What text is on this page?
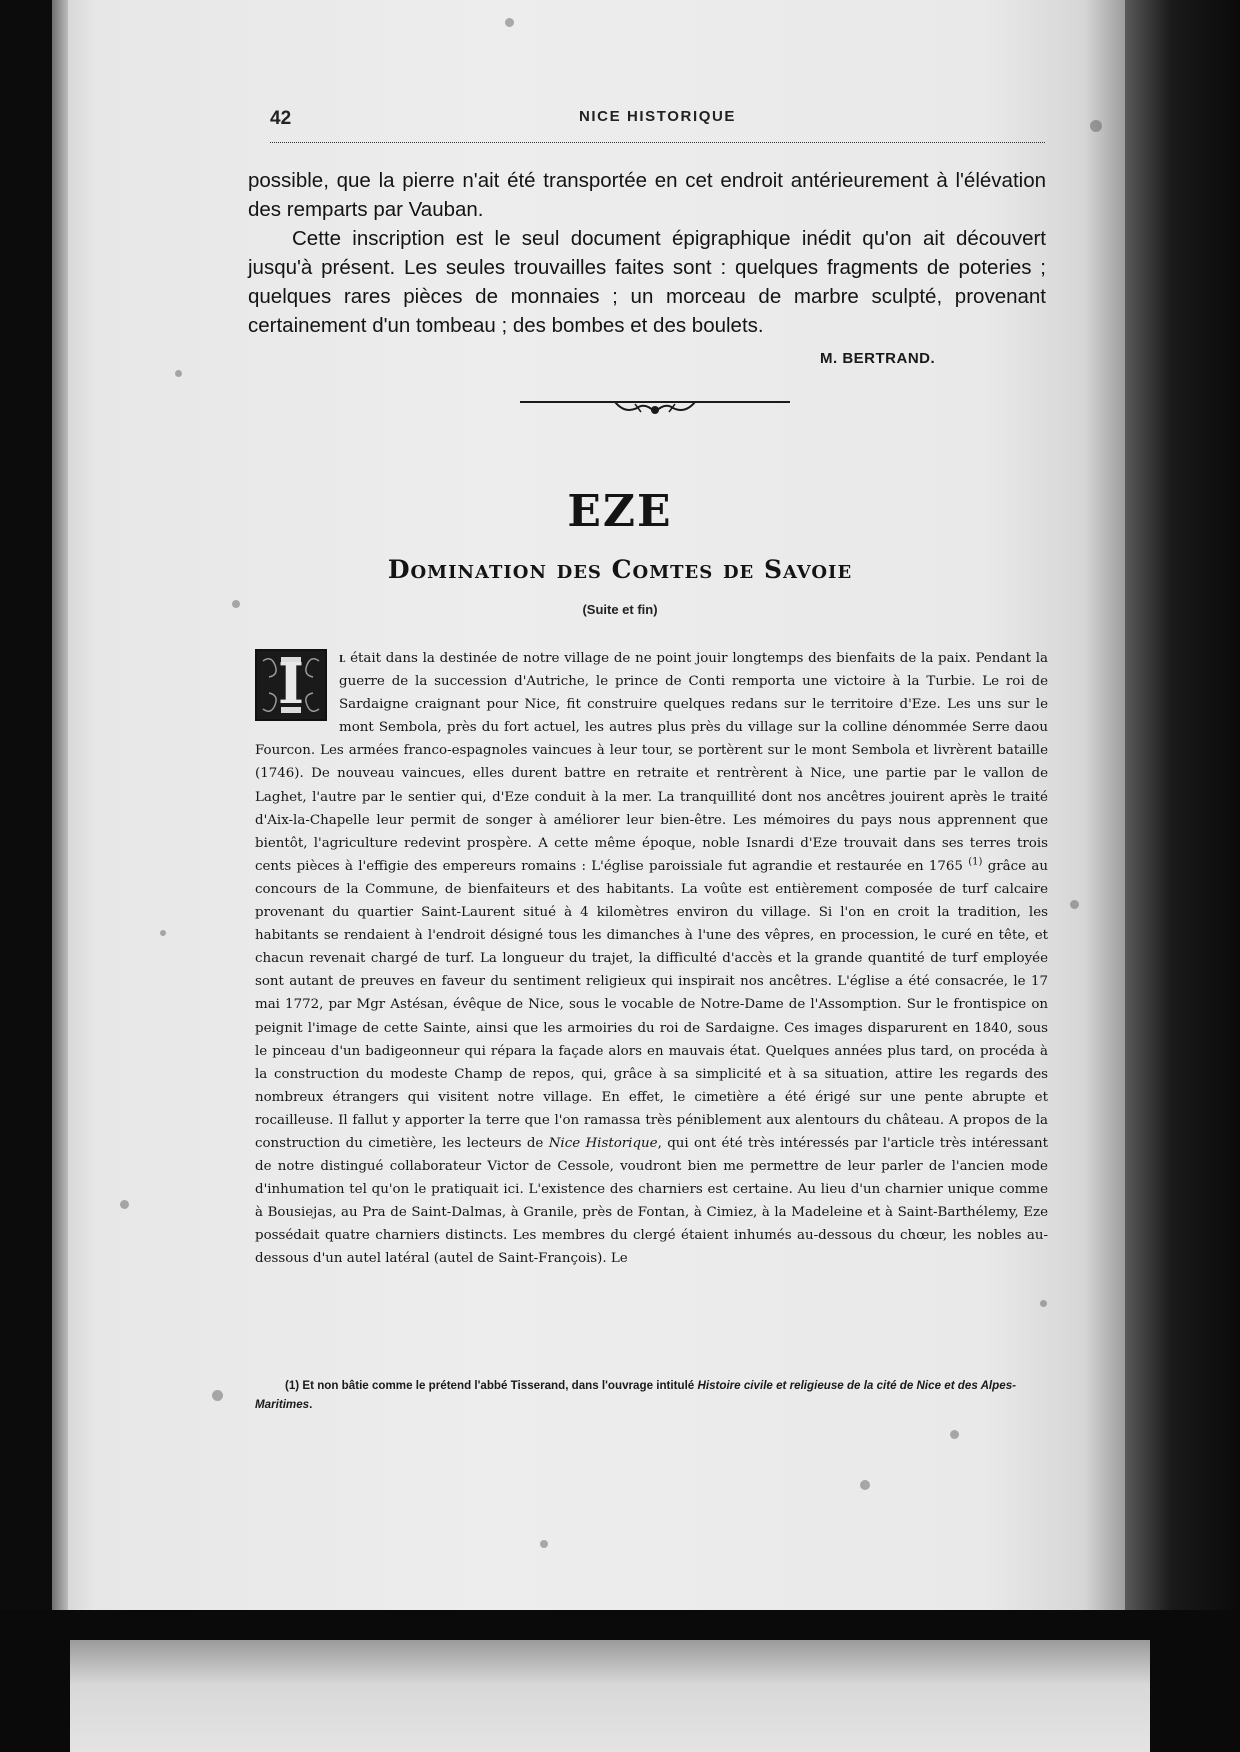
42	NICE HISTORIQUE

possible, que la pierre n'ait été transportée en cet endroit antérieurement à l'élévation des remparts par Vauban.

Cette inscription est le seul document épigraphique inédit qu'on ait découvert jusqu'à présent. Les seules trouvailles faites sont : quelques fragments de poteries ; quelques rares pièces de monnaies ; un morceau de marbre sculpté, provenant certainement d'un tombeau ; des bombes et des boulets.

M. BERTRAND.
EZE
Domination des Comtes de Savoie
(Suite et fin)

I	l était dans la destinée de notre village de ne point jouir longtemps des bienfaits de la paix. Pendant la guerre de la succession d'Autriche, le prince de Conti remporta une victoire à la Turbie. Le roi de Sardaigne craignant pour Nice, fit construire quelques redans sur le territoire d'Eze. Les uns sur le mont Sembola, près du fort actuel, les autres plus près du village sur la colline dénommée Serre daou Fourcon. Les armées franco-espagnoles vaincues à leur tour, se portèrent sur le mont Sembola et livrèrent bataille (1746). De nouveau vaincues, elles durent battre en retraite et rentrèrent à Nice, une partie par le vallon de Laghet, l'autre par le sentier qui, d'Eze conduit à la mer. La tranquillité dont nos ancêtres jouirent après le traité d'Aix-la-Chapelle leur permit de songer à améliorer leur bien-être. Les mémoires du pays nous apprennent que bientôt, l'agriculture redevint prospère. A cette même époque, noble Isnardi d'Eze trouvait dans ses terres trois cents pièces à l'effigie des empereurs romains : L'église paroissiale fut agrandie et restaurée en 1765 $^{(1)}$ grâce au concours de la Commune, de bienfaiteurs et des habitants. La voûte est entièrement composée de turf calcaire provenant du quartier Saint-Laurent situé à 4 kilomètres environ du village. Si l'on en croit la tradition, les habitants se rendaient à l'endroit désigné tous les dimanches à l'une des vêpres, en procession, le curé en tête, et chacun revenait chargé de turf. La longueur du trajet, la difficulté d'accès et la grande quantité de turf employée sont autant de preuves en faveur du sentiment religieux qui inspirait nos ancêtres. L'église a été consacrée, le 17 mai 1772, par Mgr Astésan, évêque de Nice, sous le vocable de Notre-Dame de l'Assomption. Sur le frontispice on peignit l'image de cette Sainte, ainsi que les armoiries du roi de Sardaigne. Ces images disparurent en 1840, sous le pinceau d'un badigeonneur qui répara la façade alors en mauvais état. Quelques années plus tard, on procéda à la construction du modeste Champ de repos, qui, grâce à sa simplicité et à sa situation, attire les regards des nombreux étrangers qui visitent notre village. En effet, le cimetière a été érigé sur une pente abrupte et rocailleuse. Il fallut y apporter la terre que l'on ramassa très péniblement aux alentours du château. A propos de la construction du cimetière, les lecteurs de Nice Historique, qui ont été très intéressés par l'article très intéressant de notre distingué collaborateur Victor de Cessole, voudront bien me permettre de leur parler de l'ancien mode d'inhumation tel qu'on le pratiquait ici. L'existence des charniers est certaine. Au lieu d'un charnier unique comme à Bousiejas, au Pra de Saint-Dalmas, à Granile, près de Fontan, à Cimiez, à la Madeleine et à Saint-Barthélemy, Eze possédait quatre charniers distincts. Les membres du clergé étaient inhumés au-dessous du chœur, les nobles au-dessous d'un autel latéral (autel de Saint-François). Le

(1) Et non bâtie comme le prétend l'abbé Tisserand, dans l'ouvrage intitulé Histoire civile et religieuse de la cité de Nice et des Alpes-Maritimes.
